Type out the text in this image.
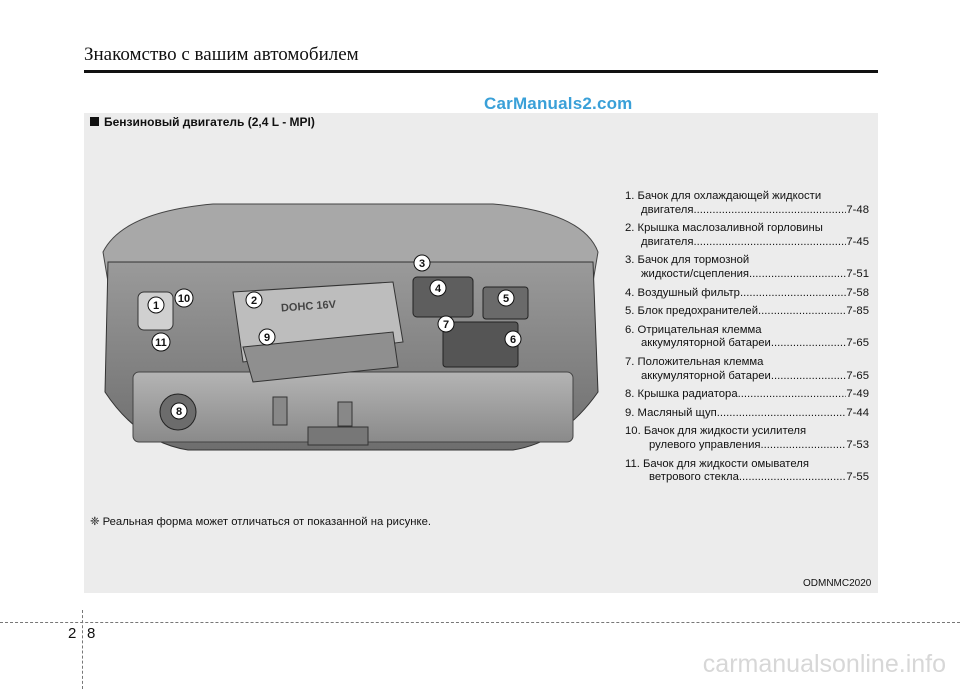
Знакомство с вашим автомобилем
CarManuals2.com
Бензиновый двигатель (2,4 L - MPI)
DOHC 16V
1	2
3
4
5
6
7
8
9
10
11
1. Бачок для охлаждающей жидкости
двигателя .....	7-48
2. Крышка маслозаливной горловины
двигателя .....	7-45
3. Бачок для тормозной
жидкости/сцепления .....	7-51
4. Воздушный фильтр .....	7-58
5. Блок предохранителей .....	7-85
6. Отрицательная клемма
аккумуляторной батареи .....	7-65
7. Положительная клемма
аккумуляторной батареи .....	7-65
8. Крышка радиатора .....	7-49
9. Масляный щуп .....	7-44
10. Бачок для жидкости усилителя
рулевого управления .....	7-53
11. Бачок для жидкости омывателя
ветрового стекла .....	7-55
❈ Реальная форма может отличаться от показанной на рисунке.
ODMNMC2020
2 8
carmanualsonline.info
